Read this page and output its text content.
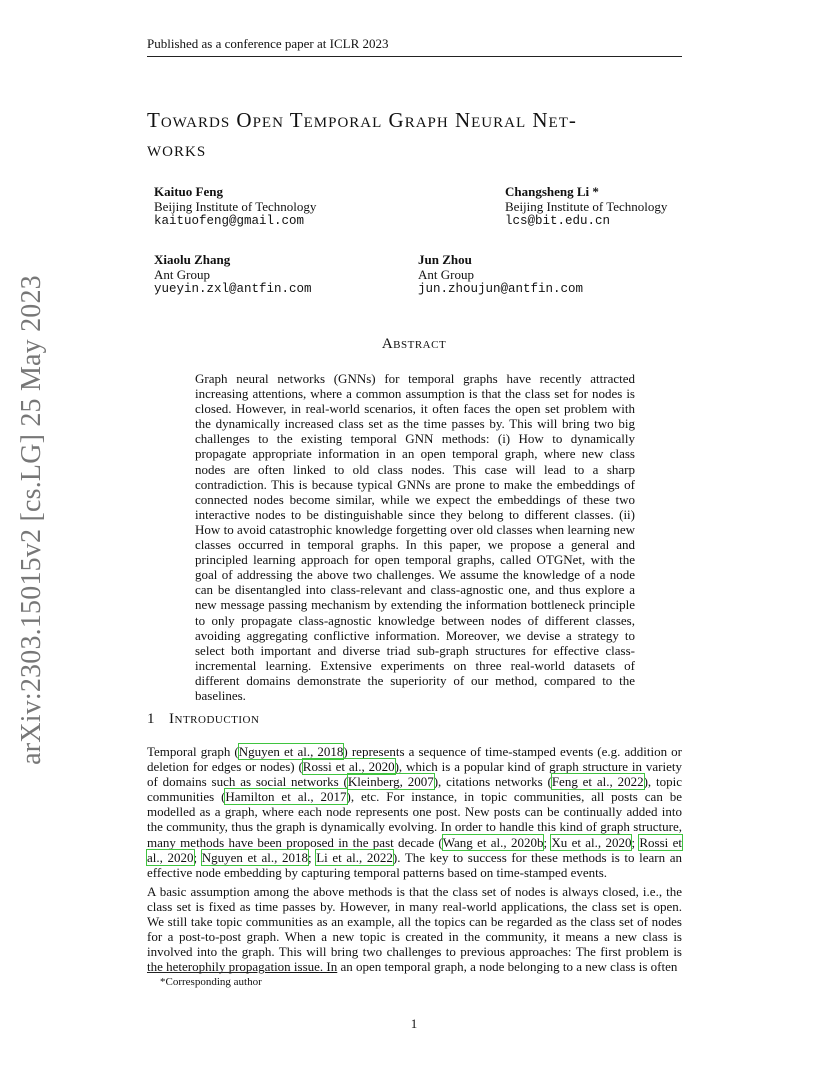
Published as a conference paper at ICLR 2023
arXiv:2303.15015v2 [cs.LG] 25 May 2023
Towards Open Temporal Graph Neural Net-
works
Kaituo Feng
Beijing Institute of Technology
kaituofeng@gmail.com
Changsheng Li *
Beijing Institute of Technology
lcs@bit.edu.cn
Xiaolu Zhang
Ant Group
yueyin.zxl@antfin.com
Jun Zhou
Ant Group
jun.zhoujun@antfin.com
Abstract
Graph neural networks (GNNs) for temporal graphs have recently attracted increasing attentions, where a common assumption is that the class set for nodes is closed. However, in real-world scenarios, it often faces the open set problem with the dynamically increased class set as the time passes by. This will bring two big challenges to the existing temporal GNN methods: (i) How to dynamically propagate appropriate information in an open temporal graph, where new class nodes are often linked to old class nodes. This case will lead to a sharp contradiction. This is because typical GNNs are prone to make the embeddings of connected nodes become similar, while we expect the embeddings of these two interactive nodes to be distinguishable since they belong to different classes. (ii) How to avoid catastrophic knowledge forgetting over old classes when learning new classes occurred in temporal graphs. In this paper, we propose a general and principled learning approach for open temporal graphs, called OTGNet, with the goal of addressing the above two challenges. We assume the knowledge of a node can be disentangled into class-relevant and class-agnostic one, and thus explore a new message passing mechanism by extending the information bottleneck principle to only propagate class-agnostic knowledge between nodes of different classes, avoiding aggregating conflictive information. Moreover, we devise a strategy to select both important and diverse triad sub-graph structures for effective class-incremental learning. Extensive experiments on three real-world datasets of different domains demonstrate the superiority of our method, compared to the baselines.
1 Introduction
Temporal graph (Nguyen et al., 2018) represents a sequence of time-stamped events (e.g. addition or deletion for edges or nodes) (Rossi et al., 2020), which is a popular kind of graph structure in variety of domains such as social networks (Kleinberg, 2007), citations networks (Feng et al., 2022), topic communities (Hamilton et al., 2017), etc. For instance, in topic communities, all posts can be modelled as a graph, where each node represents one post. New posts can be continually added into the community, thus the graph is dynamically evolving. In order to handle this kind of graph structure, many methods have been proposed in the past decade (Wang et al., 2020b; Xu et al., 2020; Rossi et al., 2020; Nguyen et al., 2018; Li et al., 2022). The key to success for these methods is to learn an effective node embedding by capturing temporal patterns based on time-stamped events.
A basic assumption among the above methods is that the class set of nodes is always closed, i.e., the class set is fixed as time passes by. However, in many real-world applications, the class set is open. We still take topic communities as an example, all the topics can be regarded as the class set of nodes for a post-to-post graph. When a new topic is created in the community, it means a new class is involved into the graph. This will bring two challenges to previous approaches: The first problem is the heterophily propagation issue. In an open temporal graph, a node belonging to a new class is often
*Corresponding author
1
